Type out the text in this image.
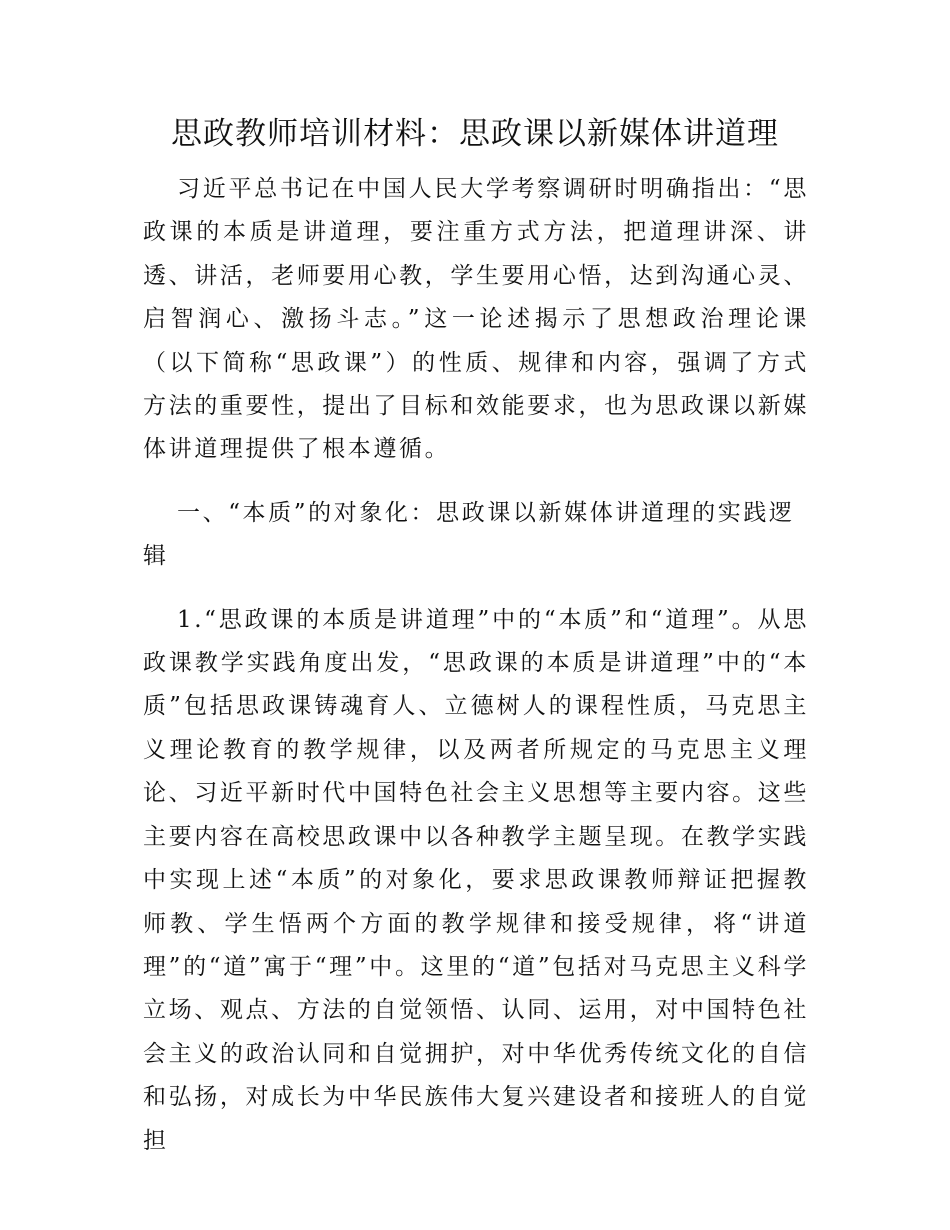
思政教师培训材料：思政课以新媒体讲道理

习近平总书记在中国人民大学考察调研时明确指出：“思政课的本质是讲道理，要注重方式方法，把道理讲深、讲透、讲活，老师要用心教，学生要用心悟，达到沟通心灵、启智润心、激扬斗志。”这一论述揭示了思想政治理论课（以下简称“思政课”）的性质、规律和内容，强调了方式方法的重要性，提出了目标和效能要求，也为思政课以新媒体讲道理提供了根本遵循。

一、“本质”的对象化：思政课以新媒体讲道理的实践逻辑

1.“思政课的本质是讲道理”中的“本质”和“道理”。从思政课教学实践角度出发，“思政课的本质是讲道理”中的“本质”包括思政课铸魂育人、立德树人的课程性质，马克思主义理论教育的教学规律，以及两者所规定的马克思主义理论、习近平新时代中国特色社会主义思想等主要内容。这些主要内容在高校思政课中以各种教学主题呈现。在教学实践中实现上述“本质”的对象化，要求思政课教师辩证把握教师教、学生悟两个方面的教学规律和接受规律，将“讲道理”的“道”寓于“理”中。这里的“道”包括对马克思主义科学立场、观点、方法的自觉领悟、认同、运用，对中国特色社会主义的政治认同和自觉拥护，对中华优秀传统文化的自信和弘扬，对成长为中华民族伟大复兴建设者和接班人的自觉担
